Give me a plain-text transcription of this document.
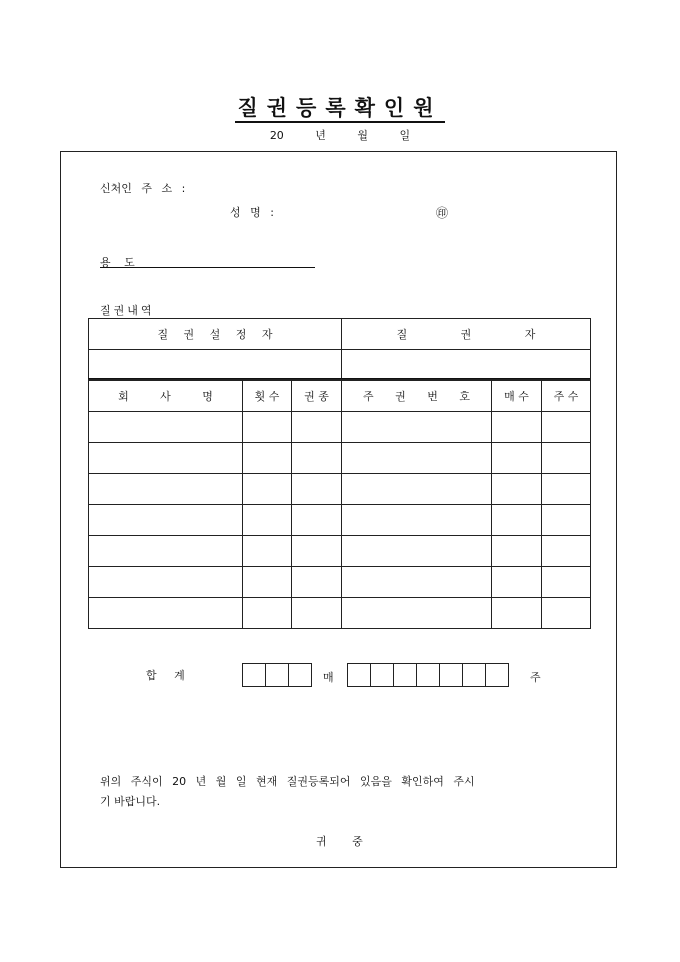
질권등록확인원
20 년 월 일
신처인 주 소 :
성 명 :	㊞
용 도
질권내역
질 권 설 정 자	질 권 자

회 사 명	횟 수	권 종	주 권 번 호	매 수	주 수

합 계	매	주
위의 주식이 20 년 월 일 현재 질권등록되어 있음을 확인하여 주시
기 바랍니다.
귀 중
